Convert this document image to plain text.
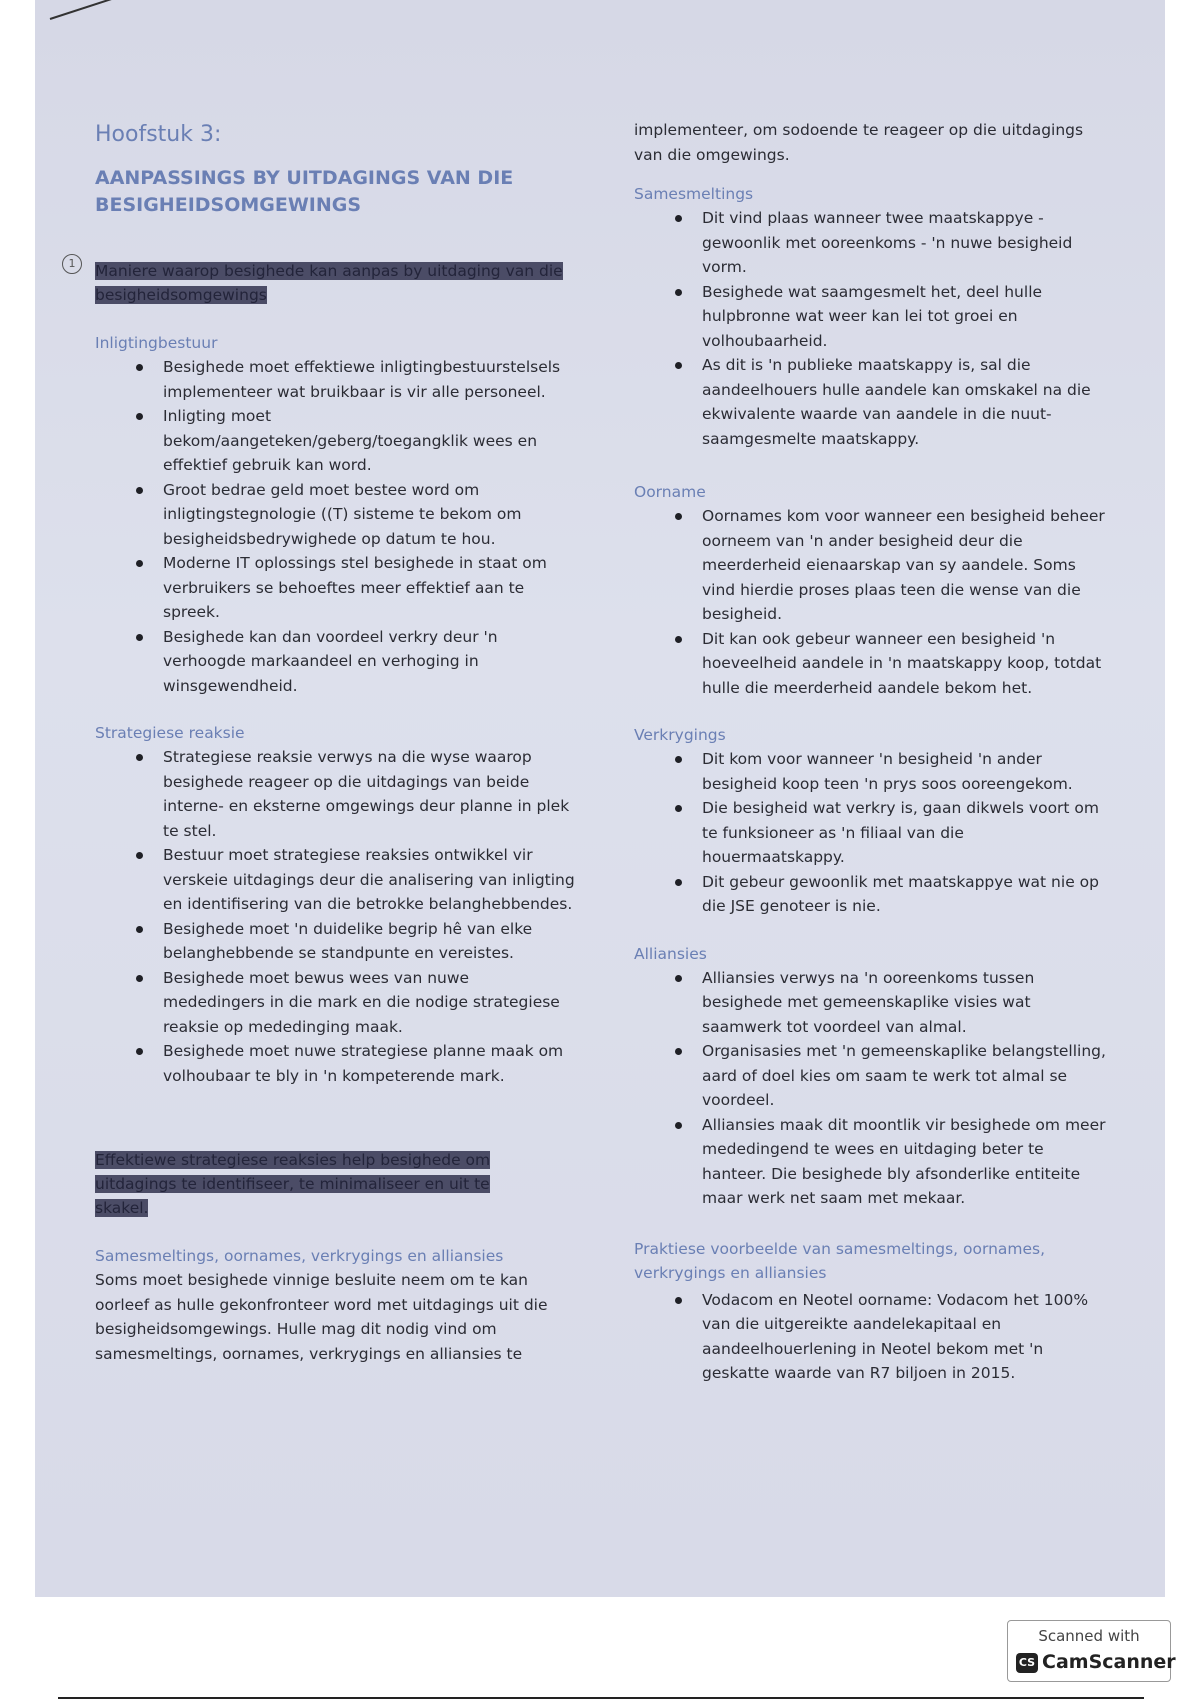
1
Hoofstuk 3:
AANPASSINGS BY UITDAGINGS VAN DIE BESIGHEIDSOMGEWINGS
Maniere waarop besighede kan aanpas by uitdaging van die besigheidsomgewings
Inligtingbestuur
Besighede moet effektiewe inligtingbestuurstelsels implementeer wat bruikbaar is vir alle personeel.
Inligting moet bekom/aangeteken/geberg/toegangklik wees en effektief gebruik kan word.
Groot bedrae geld moet bestee word om inligtingstegnologie ((T) sisteme te bekom om besigheidsbedrywighede op datum te hou.
Moderne IT oplossings stel besighede in staat om verbruikers se behoeftes meer effektief aan te spreek.
Besighede kan dan voordeel verkry deur 'n verhoogde markaandeel en verhoging in winsgewendheid.
Strategiese reaksie
Strategiese reaksie verwys na die wyse waarop besighede reageer op die uitdagings van beide interne- en eksterne omgewings deur planne in plek te stel.
Bestuur moet strategiese reaksies ontwikkel vir verskeie uitdagings deur die analisering van inligting en identifisering van die betrokke belanghebbendes.
Besighede moet 'n duidelike begrip hê van elke belanghebbende se standpunte en vereistes.
Besighede moet bewus wees van nuwe mededingers in die mark en die nodige strategiese reaksie op mededinging maak.
Besighede moet nuwe strategiese planne maak om volhoubaar te bly in 'n kompeterende mark.
Effektiewe strategiese reaksies help besighede om uitdagings te identifiseer, te minimaliseer en uit te skakel.
Samesmeltings, oornames, verkrygings en alliansies

Soms moet besighede vinnige besluite neem om te kan oorleef as hulle gekonfronteer word met uitdagings uit die besigheidsomgewings. Hulle mag dit nodig vind om samesmeltings, oornames, verkrygings en alliansies te

implementeer, om sodoende te reageer op die uitdagings van die omgewings.

Samesmeltings
Dit vind plaas wanneer twee maatskappye - gewoonlik met ooreenkoms - 'n nuwe besigheid vorm.
Besighede wat saamgesmelt het, deel hulle hulpbronne wat weer kan lei tot groei en volhoubaarheid.
As dit is 'n publieke maatskappy is, sal die aandeelhouers hulle aandele kan omskakel na die ekwivalente waarde van aandele in die nuut-saamgesmelte maatskappy.
Oorname
Oornames kom voor wanneer een besigheid beheer oorneem van 'n ander besigheid deur die meerderheid eienaarskap van sy aandele. Soms vind hierdie proses plaas teen die wense van die besigheid.
Dit kan ook gebeur wanneer een besigheid 'n hoeveelheid aandele in 'n maatskappy koop, totdat hulle die meerderheid aandele bekom het.
Verkrygings
Dit kom voor wanneer 'n besigheid 'n ander besigheid koop teen 'n prys soos ooreengekom.
Die besigheid wat verkry is, gaan dikwels voort om te funksioneer as 'n filiaal van die houermaatskappy.
Dit gebeur gewoonlik met maatskappye wat nie op die JSE genoteer is nie.
Alliansies
Alliansies verwys na 'n ooreenkoms tussen besighede met gemeenskaplike visies wat saamwerk tot voordeel van almal.
Organisasies met 'n gemeenskaplike belangstelling, aard of doel kies om saam te werk tot almal se voordeel.
Alliansies maak dit moontlik vir besighede om meer mededingend te wees en uitdaging beter te hanteer. Die besighede bly afsonderlike entiteite maar werk net saam met mekaar.
Praktiese voorbeelde van samesmeltings, oornames, verkrygings en alliansies
Vodacom en Neotel oorname: Vodacom het 100% van die uitgereikte aandelekapitaal en aandeelhouerlening in Neotel bekom met 'n geskatte waarde van R7 biljoen in 2015.
Scanned with
CS CamScanner
